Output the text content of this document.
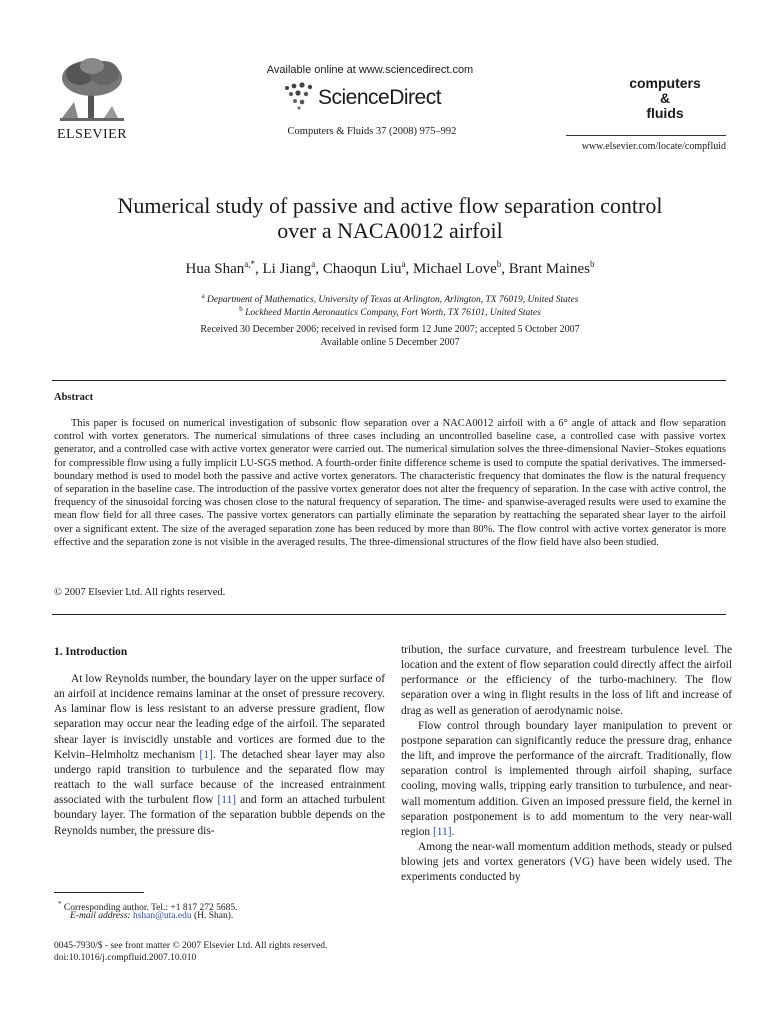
ELSEVIER
Available online at www.sciencedirect.com
ScienceDirect
Computers & Fluids 37 (2008) 975–992
computers
&
fluids
www.elsevier.com/locate/compfluid
Numerical study of passive and active flow separation control
over a NACA0012 airfoil
Hua Shan$^{a,*}$, Li Jiang$^a$, Chaoqun Liu$^a$, Michael Love$^b$, Brant Maines$^b$
$^a$ Department of Mathematics, University of Texas at Arlington, Arlington, TX 76019, United States
$^b$ Lockheed Martin Aeronautics Company, Fort Worth, TX 76101, United States
Received 30 December 2006; received in revised form 12 June 2007; accepted 5 October 2007
Available online 5 December 2007
Abstract
This paper is focused on numerical investigation of subsonic flow separation over a NACA0012 airfoil with a 6° angle of attack and flow separation control with vortex generators. The numerical simulations of three cases including an uncontrolled baseline case, a controlled case with passive vortex generator, and a controlled case with active vortex generator were carried out. The numerical simulation solves the three-dimensional Navier–Stokes equations for compressible flow using a fully implicit LU-SGS method. A fourth-order finite difference scheme is used to compute the spatial derivatives. The immersed-boundary method is used to model both the passive and active vortex generators. The characteristic frequency that dominates the flow is the natural frequency of separation in the baseline case. The introduction of the passive vortex generator does not alter the frequency of separation. In the case with active control, the frequency of the sinusoidal forcing was chosen close to the natural frequency of separation. The time- and spanwise-averaged results were used to examine the mean flow field for all three cases. The passive vortex generators can partially eliminate the separation by reattaching the separated shear layer to the airfoil over a significant extent. The size of the averaged separation zone has been reduced by more than 80%. The flow control with active vortex generator is more effective and the separation zone is not visible in the averaged results. The three-dimensional structures of the flow field have also been studied.
© 2007 Elsevier Ltd. All rights reserved.
1. Introduction

At low Reynolds number, the boundary layer on the upper surface of an airfoil at incidence remains laminar at the onset of pressure recovery. As laminar flow is less resistant to an adverse pressure gradient, flow separation may occur near the leading edge of the airfoil. The separated shear layer is inviscidly unstable and vortices are formed due to the Kelvin–Helmholtz mechanism [1]. The detached shear layer may also undergo rapid transition to turbulence and the separated flow may reattach to the wall surface because of the increased entrainment associated with the turbulent flow [11] and form an attached turbulent boundary layer. The formation of the separation bubble depends on the Reynolds number, the pressure dis-

tribution, the surface curvature, and freestream turbulence level. The location and the extent of flow separation could directly affect the airfoil performance or the efficiency of the turbo-machinery. The flow separation over a wing in flight results in the loss of lift and increase of drag as well as generation of aerodynamic noise.

Flow control through boundary layer manipulation to prevent or postpone separation can significantly reduce the pressure drag, enhance the lift, and improve the performance of the aircraft. Traditionally, flow separation control is implemented through airfoil shaping, surface cooling, moving walls, tripping early transition to turbulence, and near-wall momentum addition. Given an imposed pressure field, the kernel in separation postponement is to add momentum to the very near-wall region [11].

Among the near-wall momentum addition methods, steady or pulsed blowing jets and vortex generators (VG) have been widely used. The experiments conducted by

* Corresponding author. Tel.: +1 817 272 5685.
E-mail address: hshan@uta.edu (H. Shan).
0045-7930/$ - see front matter © 2007 Elsevier Ltd. All rights reserved.
doi:10.1016/j.compfluid.2007.10.010
